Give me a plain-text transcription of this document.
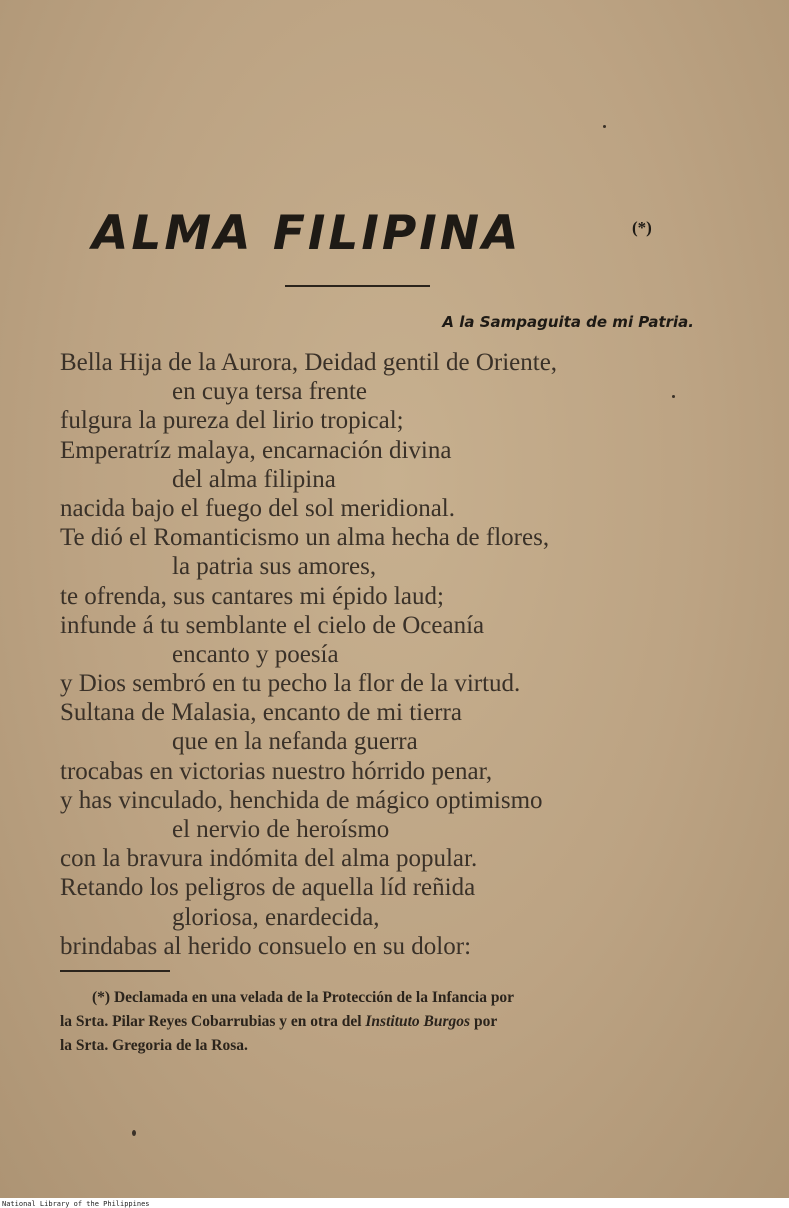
ALMA FILIPINA	(*)
A la Sampaguita de mi Patria.
Bella Hija de la Aurora, Deidad gentil de Oriente,
en cuya tersa frente
fulgura la pureza del lirio tropical;
Emperatríz malaya, encarnación divina
del alma filipina
nacida bajo el fuego del sol meridional.
Te dió el Romanticismo un alma hecha de flores,
la patria sus amores,
te ofrenda, sus cantares mi épido laud;
infunde á tu semblante el cielo de Oceanía
encanto y poesía
y Dios sembró en tu pecho la flor de la virtud.
Sultana de Malasia, encanto de mi tierra
que en la nefanda guerra
trocabas en victorias nuestro hórrido penar,
y has vinculado, henchida de mágico optimismo
el nervio de heroísmo
con la bravura indómita del alma popular.
Retando los peligros de aquella líd reñida
gloriosa, enardecida,
brindabas al herido consuelo en su dolor:

(*) Declamada en una velada de la Protección de la Infancia por

la Srta. Pilar Reyes Cobarrubias y en otra del Instituto Burgos por

la Srta. Gregoria de la Rosa.

National Library of the Philippines
